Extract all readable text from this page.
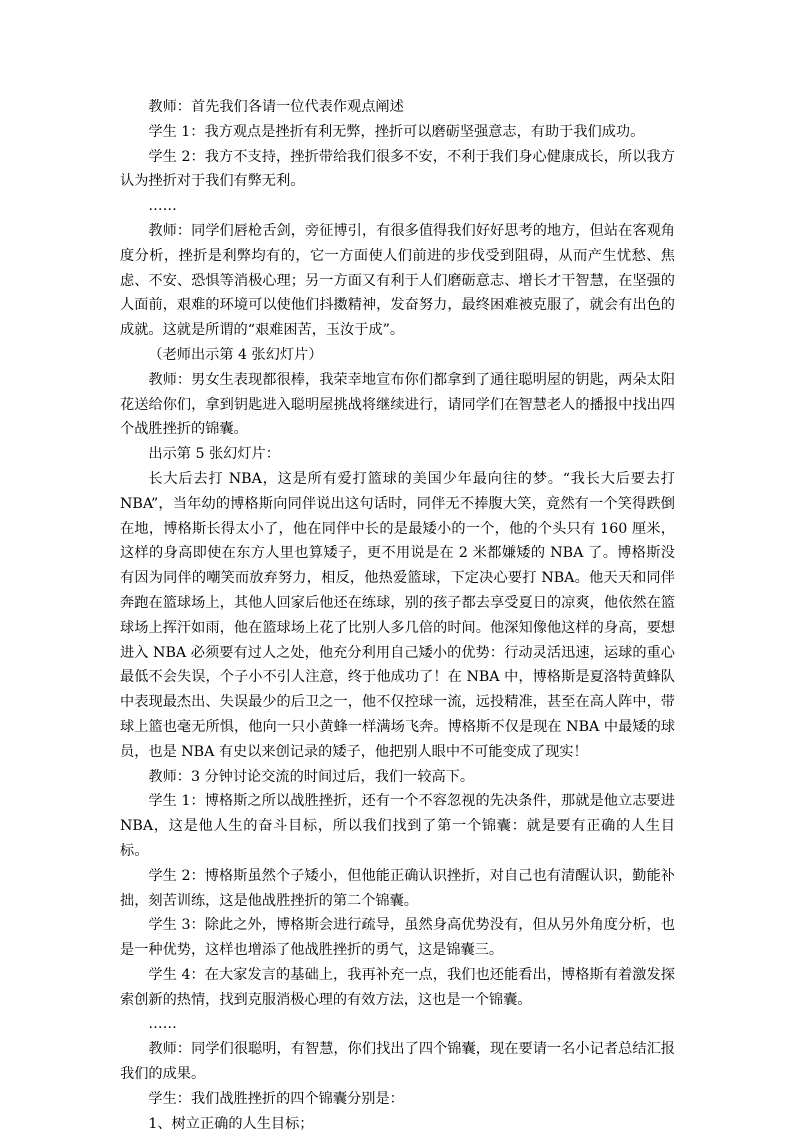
教师：首先我们各请一位代表作观点阐述

学生 1：我方观点是挫折有利无弊，挫折可以磨砺坚强意志，有助于我们成功。

学生 2：我方不支持，挫折带给我们很多不安，不利于我们身心健康成长，所以我方认为挫折对于我们有弊无利。

……

教师：同学们唇枪舌剑，旁征博引，有很多值得我们好好思考的地方，但站在客观角度分析，挫折是利弊均有的，它一方面使人们前进的步伐受到阻碍，从而产生忧愁、焦虑、不安、恐惧等消极心理；另一方面又有利于人们磨砺意志、增长才干智慧，在坚强的人面前，艰难的环境可以使他们抖擞精神，发奋努力，最终困难被克服了，就会有出色的成就。这就是所谓的“艰难困苦，玉汝于成”。

（老师出示第 4 张幻灯片）

教师：男女生表现都很棒，我荣幸地宣布你们都拿到了通往聪明屋的钥匙，两朵太阳花送给你们，拿到钥匙进入聪明屋挑战将继续进行，请同学们在智慧老人的播报中找出四个战胜挫折的锦囊。

出示第 5 张幻灯片：

长大后去打 NBA，这是所有爱打篮球的美国少年最向往的梦。“我长大后要去打 NBA”，当年幼的博格斯向同伴说出这句话时，同伴无不捧腹大笑，竟然有一个笑得跌倒在地，博格斯长得太小了，他在同伴中长的是最矮小的一个，他的个头只有 160 厘米，这样的身高即使在东方人里也算矮子，更不用说是在 2 米都嫌矮的 NBA 了。博格斯没有因为同伴的嘲笑而放弃努力，相反，他热爱篮球，下定决心要打 NBA。他天天和同伴奔跑在篮球场上，其他人回家后他还在练球，别的孩子都去享受夏日的凉爽，他依然在篮球场上挥汗如雨，他在篮球场上花了比别人多几倍的时间。他深知像他这样的身高，要想进入 NBA 必须要有过人之处，他充分利用自己矮小的优势：行动灵活迅速，运球的重心最低不会失误，个子小不引人注意，终于他成功了！在 NBA 中，博格斯是夏洛特黄蜂队中表现最杰出、失误最少的后卫之一，他不仅控球一流，远投精准，甚至在高人阵中，带球上篮也毫无所惧，他向一只小黄蜂一样满场飞奔。博格斯不仅是现在 NBA 中最矮的球员，也是 NBA 有史以来创记录的矮子，他把别人眼中不可能变成了现实！

教师：3 分钟讨论交流的时间过后，我们一较高下。

学生 1：博格斯之所以战胜挫折，还有一个不容忽视的先决条件，那就是他立志要进 NBA，这是他人生的奋斗目标，所以我们找到了第一个锦囊：就是要有正确的人生目标。

学生 2：博格斯虽然个子矮小，但他能正确认识挫折，对自己也有清醒认识，勤能补拙，刻苦训练，这是他战胜挫折的第二个锦囊。

学生 3：除此之外，博格斯会进行疏导，虽然身高优势没有，但从另外角度分析，也是一种优势，这样也增添了他战胜挫折的勇气，这是锦囊三。

学生 4：在大家发言的基础上，我再补充一点，我们也还能看出，博格斯有着激发探索创新的热情，找到克服消极心理的有效方法，这也是一个锦囊。

……

教师：同学们很聪明，有智慧，你们找出了四个锦囊，现在要请一名小记者总结汇报我们的成果。

学生：我们战胜挫折的四个锦囊分别是：

1、树立正确的人生目标；
